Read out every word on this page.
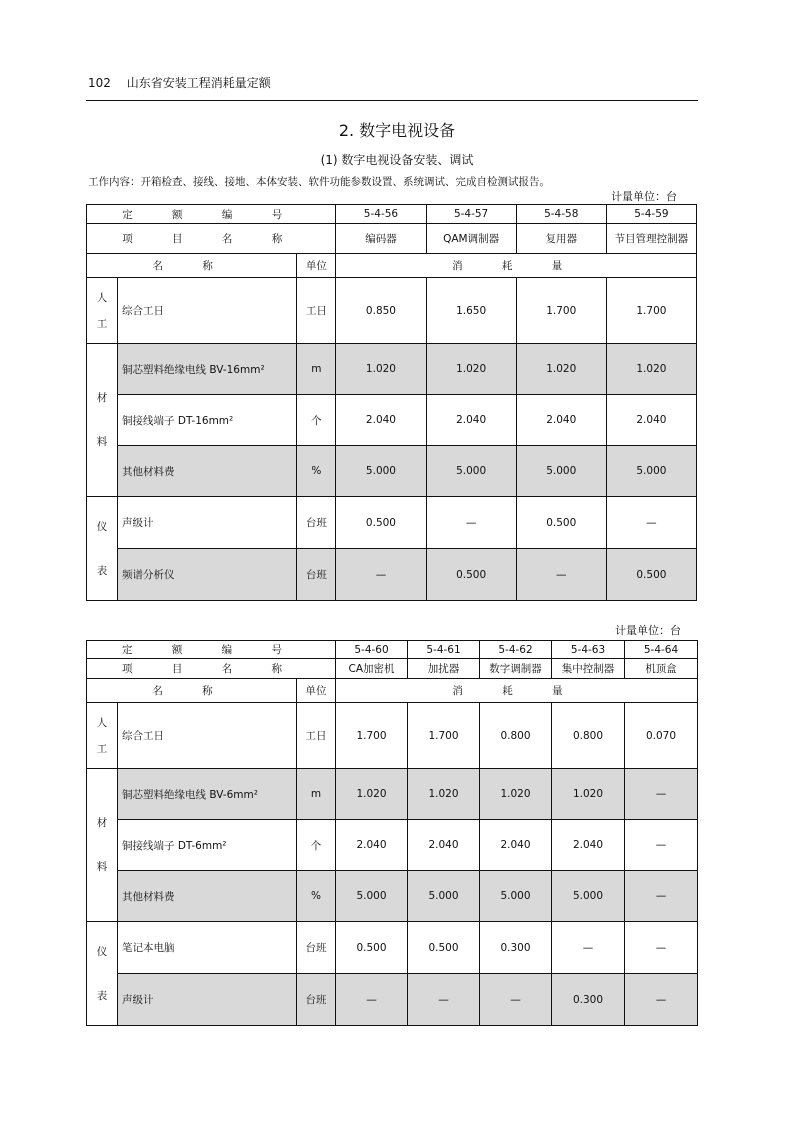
102 山东省安装工程消耗量定额
2. 数字电视设备
(1) 数字电视设备安装、调试
工作内容：开箱检查、接线、接地、本体安装、软件功能参数设置、系统调试、完成自检测试报告。
计量单位：台
定 额 编 号			5-4-56	5-4-57	5-4-58	5-4-59
项 目 名 称			编码器	QAM调制器	复用器	节目管理控制器
名 称		单位	消 耗 量			

人
工	综合工日	工日	0.850	1.650	1.700	1.700

材
料	铜芯塑料绝缘电线 BV-16mm²	m	1.020	1.020	1.020	1.020
	铜接线端子 DT-16mm²	个	2.040	2.040	2.040	2.040
	其他材料费	%	5.000	5.000	5.000	5.000

仪
表	声级计	台班	0.500	—	0.500	—
	频谱分析仪	台班	—	0.500	—	0.500
计量单位：台
定 额 编 号			5-4-60	5-4-61	5-4-62	5-4-63	5-4-64
项 目 名 称			CA加密机	加扰器	数字调制器	集中控制器	机顶盒
名 称		单位	消 耗 量				

人
工	综合工日	工日	1.700	1.700	0.800	0.800	0.070

材
料	铜芯塑料绝缘电线 BV-6mm²	m	1.020	1.020	1.020	1.020	—
	铜接线端子 DT-6mm²	个	2.040	2.040	2.040	2.040	—
	其他材料费	%	5.000	5.000	5.000	5.000	—

仪
表	笔记本电脑	台班	0.500	0.500	0.300	—	—
	声级计	台班	—	—	—	0.300	—
